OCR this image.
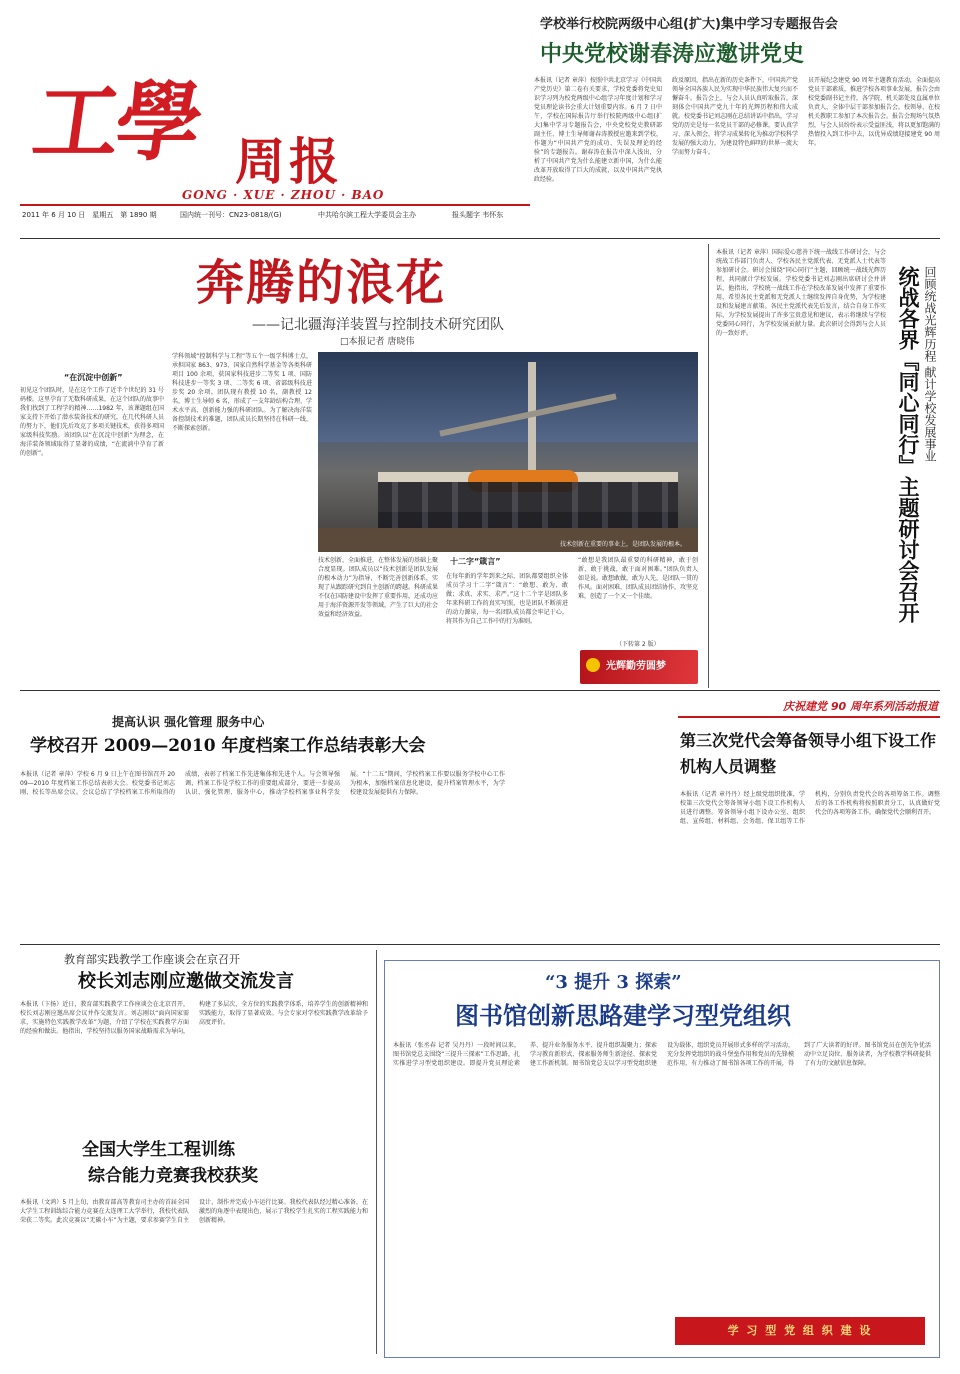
工學 周报
GONG · XUE · ZHOU · BAO
2011 年 6 月 10 日　星期五　第 1890 期	国内统一刊号：CN23-0818/(G)	中共哈尔滨工程大学委员会主办	报头题字 韦怀东
学校举行校院两级中心组(扩大)集中学习专题报告会
中央党校谢春涛应邀讲党史
本报讯（记者 章萍）按照中共北京学习《中国共产党历史》第二卷有关要求，学校党委将党史知识学习列为校党两级中心组学习年度计划和学习党员理论读书会重大计划重要内容。6 月 7 日中午，学校在国际报告厅举行校院两级中心组(扩大)集中学习专题报告会，中央党校党史教研部副主任、博士生导师谢春涛教授应邀来到学校，作题为“中国共产党的成功、失误及理论的经验”的专题报告。谢春涛在报告中深入浅出，分析了中国共产党为什么能建立新中国，为什么能改革开放取得了巨大的成就，以及中国共产党执政经验。
政及原因，指出在新的历史条件下，中国共产党领导全国各族人民为实现中华民族伟大复兴而不懈奋斗。报告会上，与会人员认真听取报告，深刻体会中国共产党九十年的光辉历程和伟大成就。校党委书记刘志刚在总结讲话中指出，学习党的历史是每一名党员干部的必修课，要认真学习、深入领会，将学习成果转化为推动学校科学发展的强大动力，为建设特色鲜明的世界一流大学而努力奋斗。
员开展纪念建党 90 周年主题教育活动，全面提高党员干部素质，推进学校各项事业发展，报告会由校党委副书记主持，各学院、机关部处及直属单位负责人、全体中层干部参加报告会。校领导、在校机关教职工参加了本次报告会。报告会现场气氛热烈，与会人员纷纷表示受益匪浅，将以更加饱满的热情投入到工作中去，以优异成绩迎接建党 90 周年。
奔腾的浪花
——记北疆海洋装置与控制技术研究团队
□本报记者 唐晓伟
“在沉淀中创新”
初见这个团队时，是在这个工作了近半个世纪的 31 号码楼。这里孕育了无数科研成果，在这个团队的故事中我们找到了工程学的精神……1982 年，该课题组在国家支持下开始了潜水装备技术的研究，在几代科研人员的努力下，他们先后攻克了多项关键技术，获得多项国家级科技奖励。该团队以“在沉淀中创新”为理念，在海洋装备领域取得了显著的成绩，“在流淌中孕育了新的创新”。
学科领域“控制科学与工程”等五个一级学科博士点，承担国家 863、973、国家自然科学基金等各类科研项目 100 余项，获国家科技进步二等奖 1 项、国防科技进步一等奖 3 项、二等奖 6 项、省部级科技进步奖 20 余项。团队现有教授 10 名，副教授 12 名，博士生导师 6 名，形成了一支年龄结构合理、学术水平高、创新能力强的科研团队。为了解决海洋装备控制技术的难题，团队成员长期坚持在科研一线，不断探索创新。
技术创新，全面推进，在整体发展的基础上聚合度显现。团队成员以“技术创新是团队发展的根本动力”为指导，不断完善创新体系，实现了从跟踪研究到自主创新的跨越。科研成果不仅在国防建设中发挥了重要作用，还成功应用于海洋资源开发等领域，产生了巨大的社会效益和经济效益。
十二字“箴言”
在每年新的学年到来之际，团队都要组织全体成员学习十二字“箴言”：“敢想、敢为、敢做；求真、求实、求严。”这十二个字是团队多年来科研工作的真实写照，也是团队不断前进的动力源泉，每一名团队成员都会牢记于心，将其作为自己工作中的行为准则。
“敢想是我团队最重要的科研精神，敢于创新、敢于挑战，敢于面对困难。”团队负责人如是说。敢想敢做，敢为人先，是团队一贯的作风。面对困难，团队成员团结协作，攻坚克难，创造了一个又一个佳绩。
（下转第 2 版）
技术创新在重要的事业上，是团队发展的根本。
光辉勤劳圆梦
本报讯（记者 章萍）国际爱心慈善下统一战线工作研讨会，与会统战工作部门负责人、学校各民主党派代表、无党派人士代表等参加研讨会。研讨会围绕“同心同行”主题，回顾统一战线光辉历程，共同献计学校发展。学校党委书记刘志刚出席研讨会并讲话，他指出，学校统一战线工作在学校改革发展中发挥了重要作用，希望各民主党派和无党派人士继续发挥自身优势，为学校建设和发展建言献策。各民主党派代表先后发言，结合自身工作实际，为学校发展提出了许多宝贵意见和建议，表示将继续与学校党委同心同行，为学校发展贡献力量。此次研讨会得到与会人员的一致好评。	统战各界『同心同行』主题研讨会召开 回顾统战光辉历程 献计学校发展事业
提高认识 强化管理 服务中心
学校召开 2009—2010 年度档案工作总结表彰大会
本报讯（记者 章萍）学校 6 月 9 日上午在图书馆召开 2009—2010 年度档案工作总结表彰大会。校党委书记刘志刚、校长等出席会议。会议总结了学校档案工作所取得的成绩，表彰了档案工作先进集体和先进个人。与会领导强调，档案工作是学校工作的重要组成部分，要进一步提高认识、强化管理、服务中心，推动学校档案事业科学发展。“十二五”期间，学校档案工作要以服务学校中心工作为根本，加强档案信息化建设，提升档案管理水平，为学校建设发展提供有力保障。
庆祝建党 90 周年系列活动报道
第三次党代会筹备领导小组下设工作机构人员调整
本报讯（记者 章丹丹）经上级党组织批准，学校第三次党代会筹备领导小组下设工作机构人员进行调整。筹备领导小组下设办公室、组织组、宣传组、材料组、会务组、保卫组等工作机构，分别负责党代会的各项筹备工作。调整后的各工作机构将按照职责分工，认真做好党代会的各项筹备工作，确保党代会顺利召开。
教育部实践教学工作座谈会在京召开
校长刘志刚应邀做交流发言
本报讯（卞扬）近日，教育部实践教学工作座谈会在北京召开，校长刘志刚应邀出席会议并作交流发言。刘志刚以“面向国家需求，实施特色实践教学改革”为题，介绍了学校在实践教学方面的经验和做法。他指出，学校坚持以服务国家战略需求为导向，构建了多层次、全方位的实践教学体系，培养学生的创新精神和实践能力，取得了显著成效。与会专家对学校实践教学改革给予高度评价。
全国大学生工程训练
综合能力竞赛我校获奖
本报讯（文鸿）5 月上旬，由教育部高等教育司主办的首届全国大学生工程训练综合能力竞赛在大连理工大学举行，我校代表队荣获二等奖。此次竞赛以“无碳小车”为主题，要求参赛学生自主设计、制作并完成小车运行比赛。我校代表队经过精心准备，在激烈的角逐中表现出色，展示了我校学生扎实的工程实践能力和创新精神。
“3 提升 3 探索”
图书馆创新思路建学习型党组织
本报讯（张丞春 记者 吴丹丹）一段时间以来，图书馆党总支围绕“三提升三探索”工作思路，扎实推进学习型党组织建设。即提升党员理论素养、提升业务服务水平、提升组织凝聚力；探索学习教育新形式、探索服务师生新途径、探索党建工作新机制。图书馆党总支以学习型党组织建设为载体，组织党员开展形式多样的学习活动，充分发挥党组织的战斗堡垒作用和党员的先锋模范作用，有力推动了图书馆各项工作的开展，得到了广大读者的好评。图书馆党员在创先争优活动中立足岗位、服务读者，为学校教学科研提供了有力的文献信息保障。
学 习 型 党 组 织 建 设
